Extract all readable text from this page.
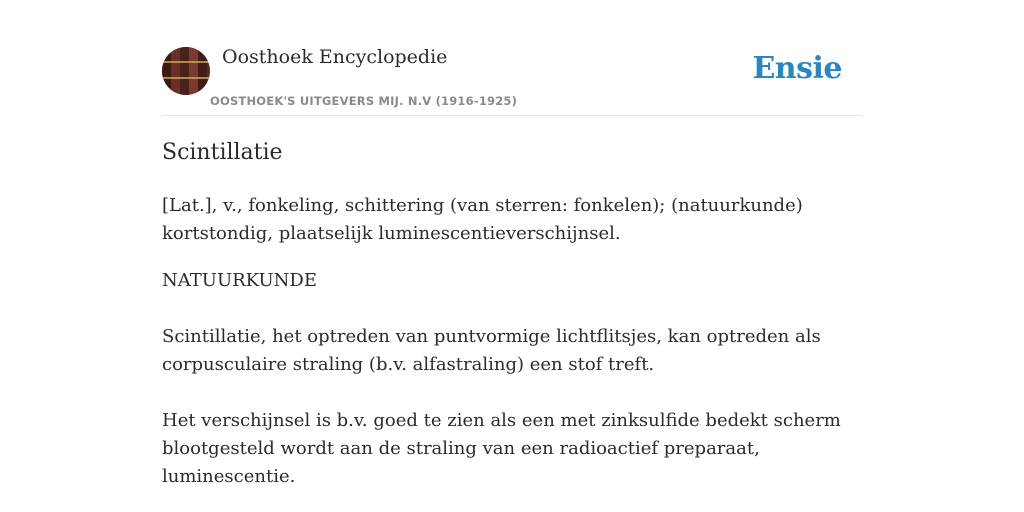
Oosthoek Encyclopedie
OOSTHOEK'S UITGEVERS MIJ. N.V (1916-1925)
Ensie
Scintillatie

[Lat.], v., fonkeling, schittering (van sterren: fonkelen); (natuurkunde) kortstondig, plaatselijk luminescentieverschijnsel.

NATUURKUNDE

Scintillatie, het optreden van puntvormige lichtflitsjes, kan optreden als corpusculaire straling (b.v. alfastraling) een stof treft.

Het verschijnsel is b.v. goed te zien als een met zinksulfide bedekt scherm blootgesteld wordt aan de straling van een radioactief preparaat, luminescentie.
